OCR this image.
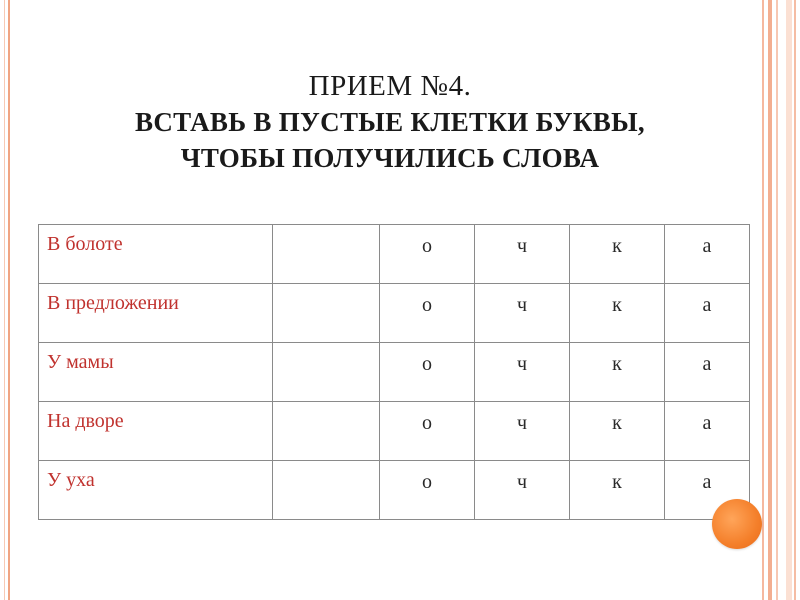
ПРИЕМ №4.
ВСТАВЬ В ПУСТЫЕ КЛЕТКИ БУКВЫ,
ЧТОБЫ ПОЛУЧИЛИСЬ СЛОВА
В болоте		о	ч	к	а
В предложении		о	ч	к	а
У мамы		о	ч	к	а
На дворе		о	ч	к	а
У уха		о	ч	к	а
